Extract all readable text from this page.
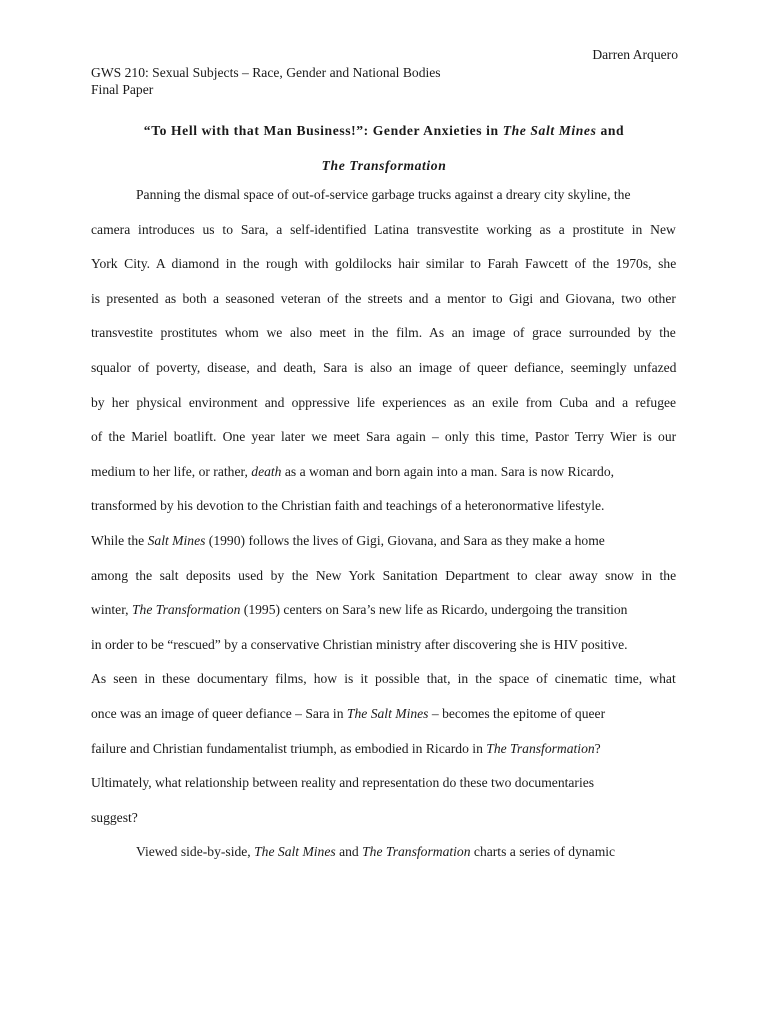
Darren Arquero
GWS 210: Sexual Subjects – Race, Gender and National Bodies
Final Paper
“To Hell with that Man Business!”: Gender Anxieties in The Salt Mines and
The Transformation
Panning the dismal space of out-of-service garbage trucks against a dreary city skyline, the
camera introduces us to Sara, a self-identified Latina transvestite working as a prostitute in New
York City. A diamond in the rough with goldilocks hair similar to Farah Fawcett of the 1970s, she
is presented as both a seasoned veteran of the streets and a mentor to Gigi and Giovana, two other
transvestite prostitutes whom we also meet in the film. As an image of grace surrounded by the
squalor of poverty, disease, and death, Sara is also an image of queer defiance, seemingly unfazed
by her physical environment and oppressive life experiences as an exile from Cuba and a refugee
of the Mariel boatlift. One year later we meet Sara again – only this time, Pastor Terry Wier is our
medium to her life, or rather, death as a woman and born again into a man. Sara is now Ricardo,
transformed by his devotion to the Christian faith and teachings of a heteronormative lifestyle.
While the Salt Mines (1990) follows the lives of Gigi, Giovana, and Sara as they make a home
among the salt deposits used by the New York Sanitation Department to clear away snow in the
winter, The Transformation (1995) centers on Sara’s new life as Ricardo, undergoing the transition
in order to be “rescued” by a conservative Christian ministry after discovering she is HIV positive.
As seen in these documentary films, how is it possible that, in the space of cinematic time, what
once was an image of queer defiance – Sara in The Salt Mines – becomes the epitome of queer
failure and Christian fundamentalist triumph, as embodied in Ricardo in The Transformation?
Ultimately, what relationship between reality and representation do these two documentaries
suggest?
Viewed side-by-side, The Salt Mines and The Transformation charts a series of dynamic
